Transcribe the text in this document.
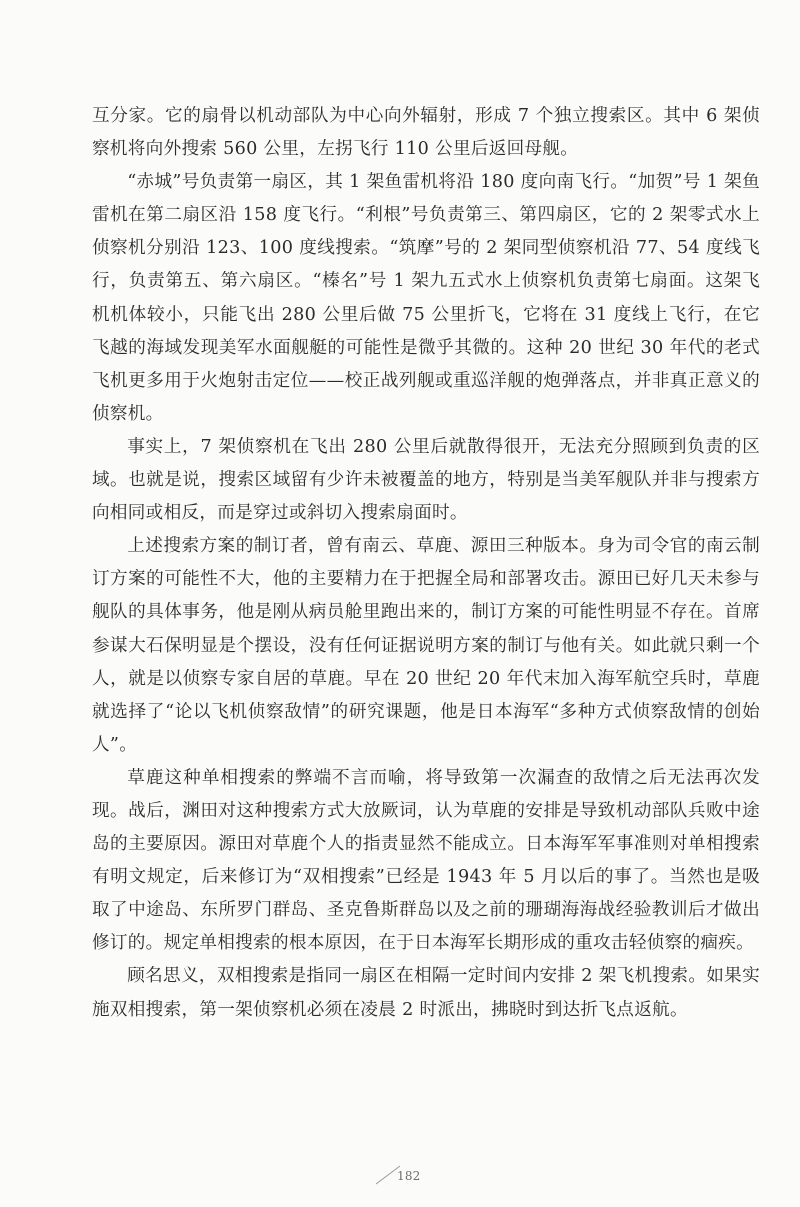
互分家。它的扇骨以机动部队为中心向外辐射，形成 7 个独立搜索区。其中 6 架侦察机将向外搜索 560 公里，左拐飞行 110 公里后返回母舰。

“赤城”号负责第一扇区，其 1 架鱼雷机将沿 180 度向南飞行。“加贺”号 1 架鱼雷机在第二扇区沿 158 度飞行。“利根”号负责第三、第四扇区，它的 2 架零式水上侦察机分别沿 123、100 度线搜索。“筑摩”号的 2 架同型侦察机沿 77、54 度线飞行，负责第五、第六扇区。“榛名”号 1 架九五式水上侦察机负责第七扇面。这架飞机机体较小，只能飞出 280 公里后做 75 公里折飞，它将在 31 度线上飞行，在它飞越的海域发现美军水面舰艇的可能性是微乎其微的。这种 20 世纪 30 年代的老式飞机更多用于火炮射击定位——校正战列舰或重巡洋舰的炮弹落点，并非真正意义的侦察机。

事实上，7 架侦察机在飞出 280 公里后就散得很开，无法充分照顾到负责的区域。也就是说，搜索区域留有少许未被覆盖的地方，特别是当美军舰队并非与搜索方向相同或相反，而是穿过或斜切入搜索扇面时。

上述搜索方案的制订者，曾有南云、草鹿、源田三种版本。身为司令官的南云制订方案的可能性不大，他的主要精力在于把握全局和部署攻击。源田已好几天未参与舰队的具体事务，他是刚从病员舱里跑出来的，制订方案的可能性明显不存在。首席参谋大石保明显是个摆设，没有任何证据说明方案的制订与他有关。如此就只剩一个人，就是以侦察专家自居的草鹿。早在 20 世纪 20 年代末加入海军航空兵时，草鹿就选择了“论以飞机侦察敌情”的研究课题，他是日本海军“多种方式侦察敌情的创始人”。

草鹿这种单相搜索的弊端不言而喻，将导致第一次漏查的敌情之后无法再次发现。战后，渊田对这种搜索方式大放厥词，认为草鹿的安排是导致机动部队兵败中途岛的主要原因。源田对草鹿个人的指责显然不能成立。日本海军军事准则对单相搜索有明文规定，后来修订为“双相搜索”已经是 1943 年 5 月以后的事了。当然也是吸取了中途岛、东所罗门群岛、圣克鲁斯群岛以及之前的珊瑚海海战经验教训后才做出修订的。规定单相搜索的根本原因，在于日本海军长期形成的重攻击轻侦察的痼疾。

顾名思义，双相搜索是指同一扇区在相隔一定时间内安排 2 架飞机搜索。如果实施双相搜索，第一架侦察机必须在凌晨 2 时派出，拂晓时到达折飞点返航。

182
